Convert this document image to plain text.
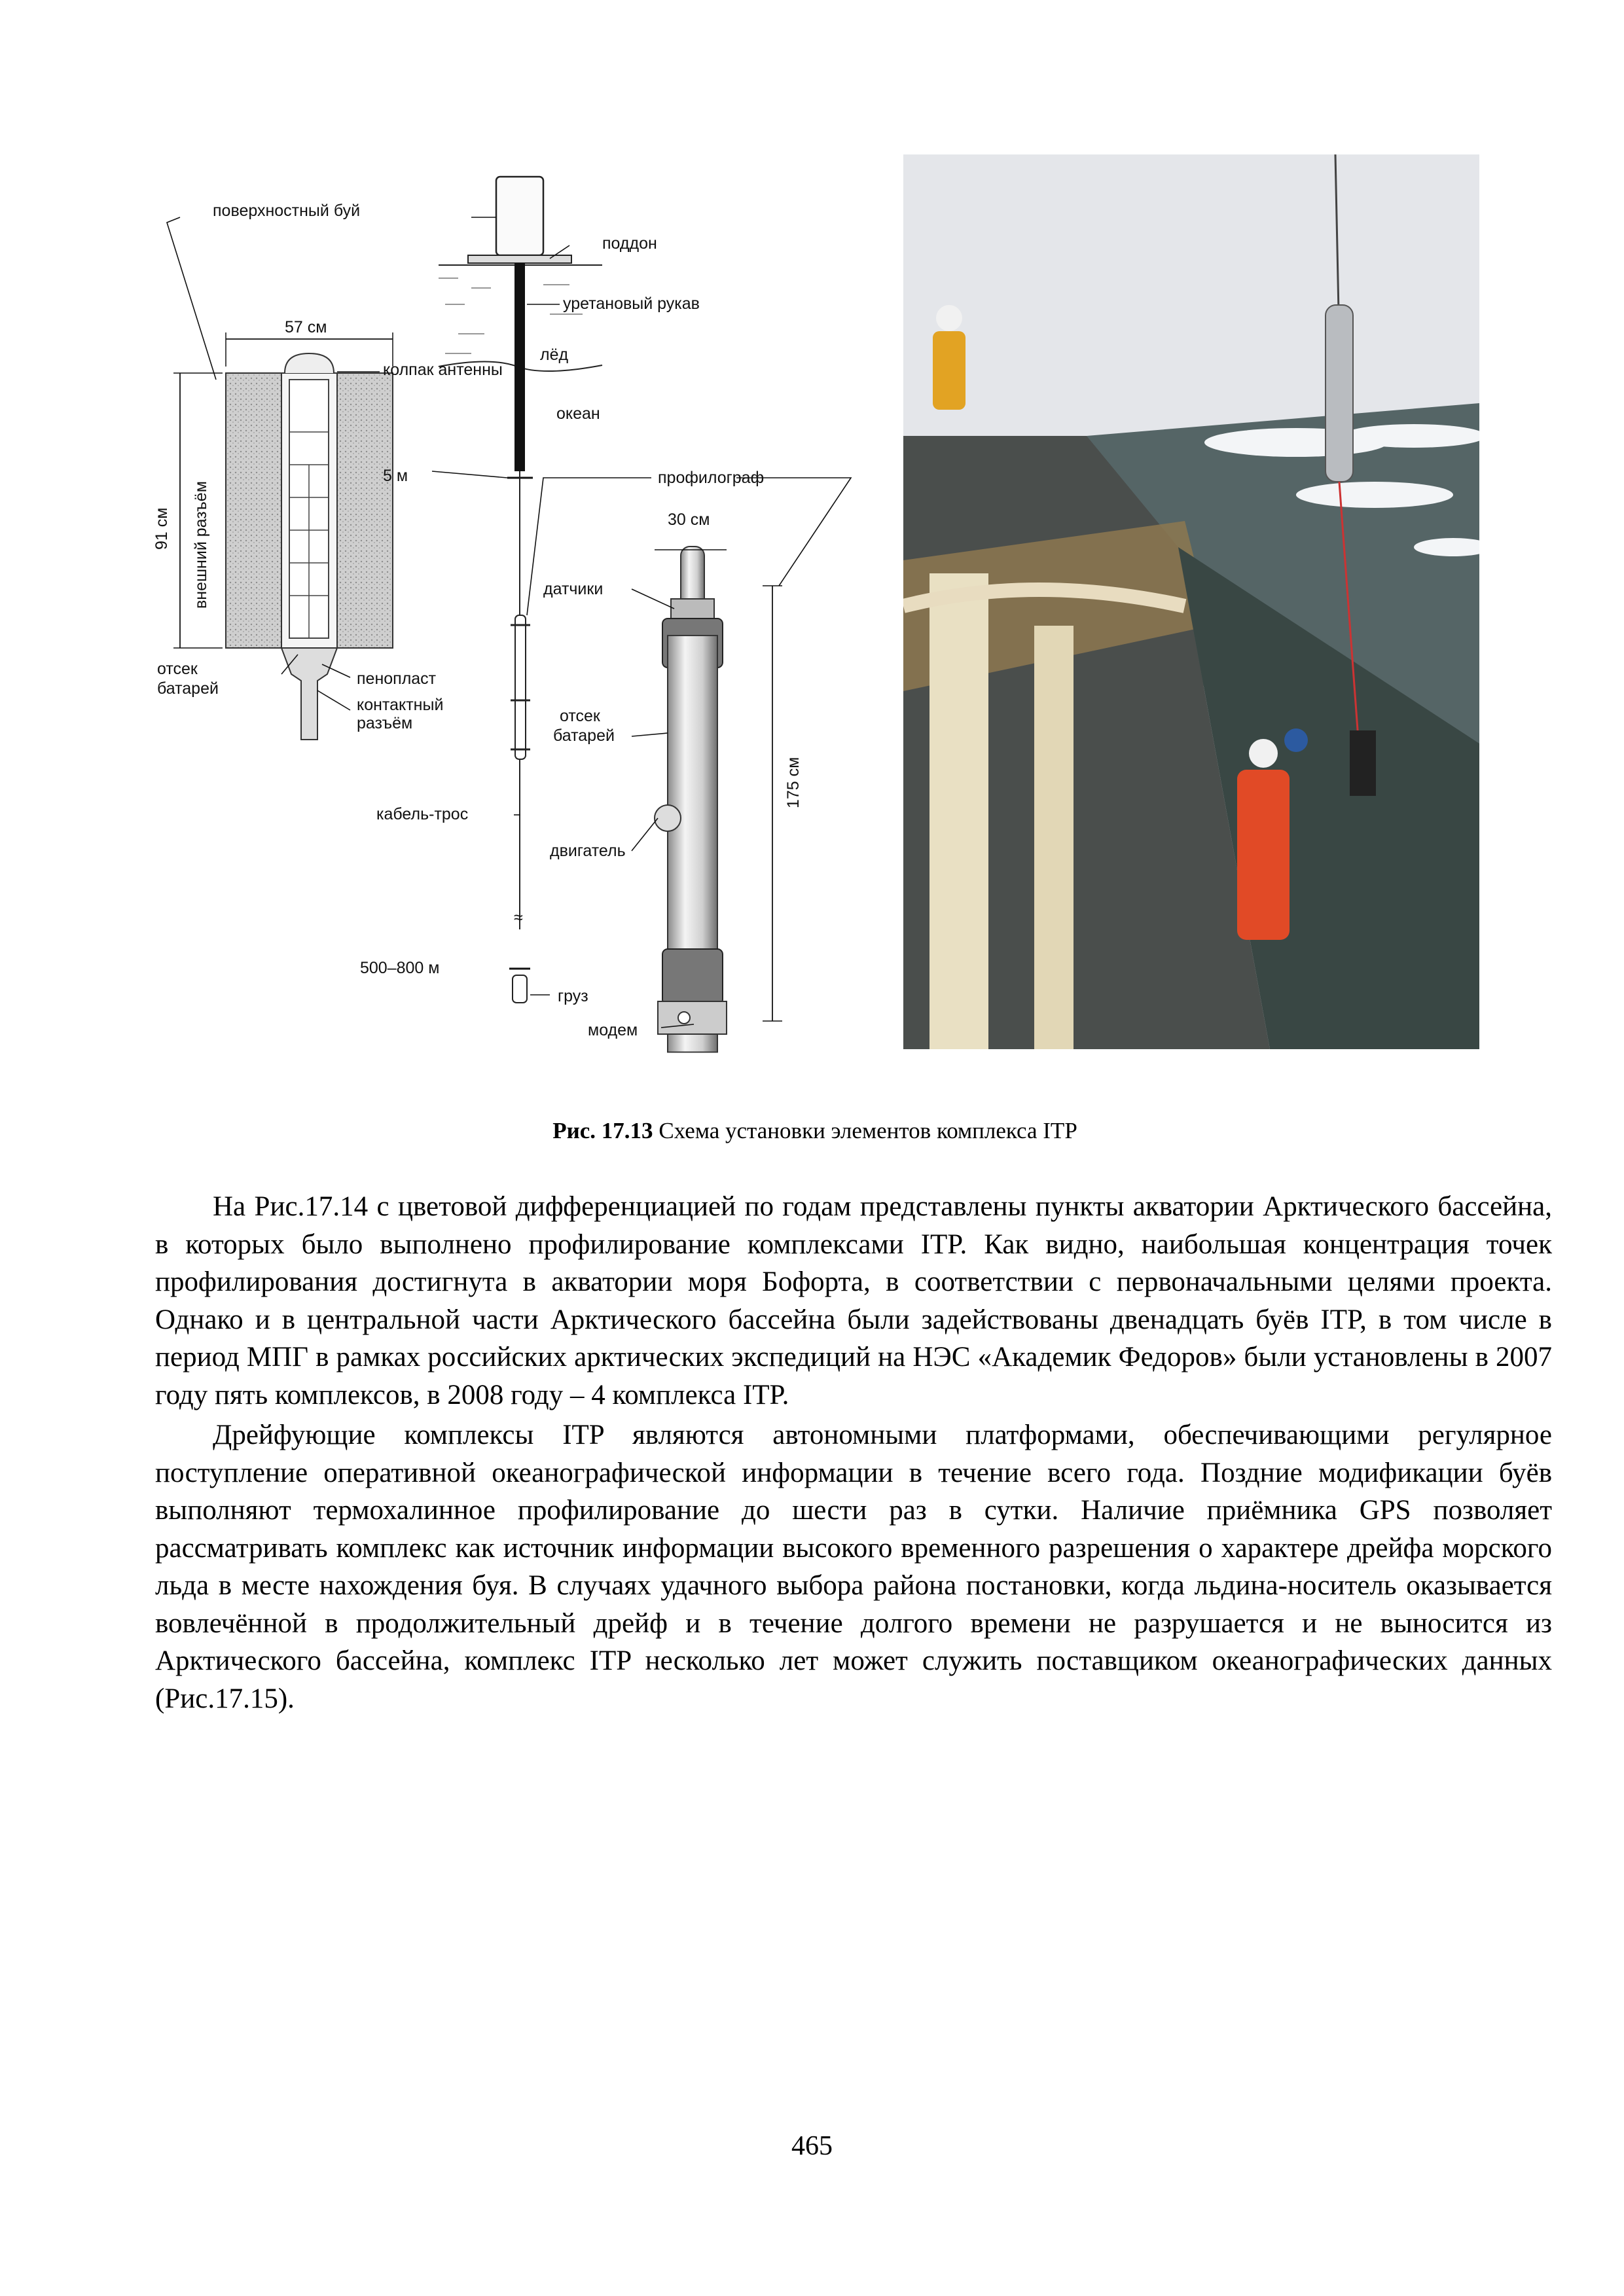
≈
поверхностный буй
поддон
уретановый рукав
лёд
океан
57 см
колпак антенны
91 см внешний разъём
отсек батарей
пенопласт
контактный разъём
5 м	профилограф
30 см
датчики
отсек батарей
175 см
двигатель
кабель-трос
500–800 м
груз
модем
Рис. 17.13 Схема установки элементов комплекса ITP

На Рис.17.14 с цветовой дифференциацией по годам представлены пункты акватории Арктического бассейна, в которых было выполнено профилирование комплексами ITP. Как видно, наибольшая концентрация точек профилирования достигнута в акватории моря Бофорта, в соответствии с первоначальными целями проекта. Однако и в центральной части Арктического бассейна были задействованы двенадцать буёв ITP, в том числе в период МПГ в рамках российских арктических экспедиций на НЭС «Академик Федоров» были установлены в 2007 году пять комплексов, в 2008 году – 4 комплекса ITP.

Дрейфующие комплексы ITP являются автономными платформами, обеспечивающими регулярное поступление оперативной океанографической информации в течение всего года. Поздние модификации буёв выполняют термохалинное профилирование до шести раз в сутки. Наличие приёмника GPS позволяет рассматривать комплекс как источник информации высокого временного разрешения о характере дрейфа морского льда в месте нахождения буя. В случаях удачного выбора района постановки, когда льдина-носитель оказывается вовлечённой в продолжительный дрейф и в течение долгого времени не разрушается и не выносится из Арктического бассейна, комплекс ITP несколько лет может служить поставщиком океанографических данных (Рис.17.15).

465
